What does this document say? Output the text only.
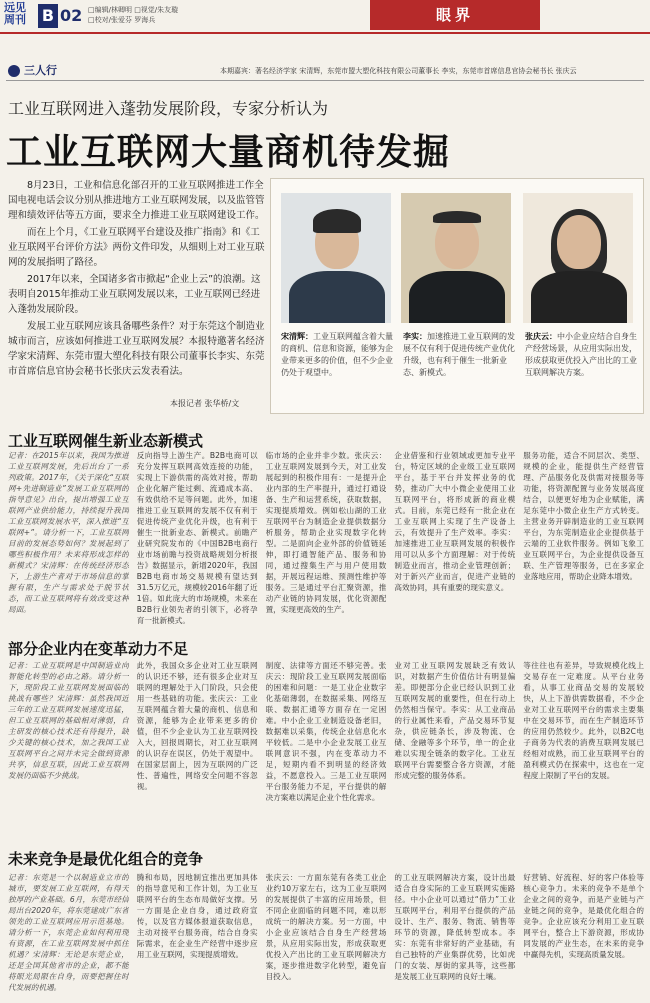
远见周刊 B 02 □编辑/林卿明 □视觉/朱友璇
□校对/张爱芬 罗海兵	眼界
三人行	本期嘉宾：著名经济学家 宋清辉，东莞市盟大塑化科技有限公司董事长 李实，东莞市首席信息官协会秘书长 张庆云
工业互联网进入蓬勃发展阶段，专家分析认为
工业互联网大量商机待发掘

8月23日，工业和信息化部召开的工业互联网推进工作全国电视电话会议分别从推进地方工业互联网发展，以及监管管理和绩效评估等五方面，要求全力推进工业互联网建设工作。

而在上个月，《工业互联网平台建设及推广指南》和《工业互联网平台评价方法》两份文件印发，从细则上对工业互联网的发展指明了路径。

2017年以来，全国诸多省市掀起“企业上云”的浪潮。这表明自2015年推动工业互联网发展以来，工业互联网已经进入蓬勃发展阶段。

发展工业互联网应该具备哪些条件？对于东莞这个制造业城市而言，应该如何推进工业互联网发展？本报特邀著名经济学家宋清辉、东莞市盟大塑化科技有限公司董事长李实、东莞市首席信息官协会秘书长张庆云发表看法。

本报记者 张华桥/文
宋清辉：工业互联网蕴含着大量的商机、信息和资源，能够为企业带来更多的价值，但不少企业仍处于观望中。
李实：加速推进工业互联网的发展不仅有利于促进传统产业优化升级，也有利于催生一批新业态、新模式。
张庆云：中小企业应结合自身生产经营场景，从应用实际出发，形成获取更优投入产出比的工业互联网解决方案。
工业互联网催生新业态新模式
记者：在2015年以来，我国为推进工业互联网发展，先后出台了一系列政策。2017年，《关于深化“互联网+先进制造业”发展工业互联网的指导意见》出台，提出增强工业互联网产业供给能力，持续提升我国工业互联网发展水平，深入推进“互联网+”。请分析一下，工业互联网目前的发展态势如何？发展起到了哪些积极作用？未来将形成怎样的新模式？宋清辉：在传统经济形态下，上游生产者对于市场信息的掌握有限，生产与需求处于脱节状态，而工业互联网将有效改变这种局面。
反向指导上游生产。B2B电商可以充分发挥互联网高效连接的功能，实现上下游供需的高效对接，帮助企业化解产能过剩、流通成本高、有效供给不足等问题。此外，加速推进工业互联网的发展不仅有利于促进传统产业优化升级，也有利于催生一批新业态、新模式。前瞻产业研究院发布的《中国B2B电商行业市场前瞻与投资战略规划分析报告》数据显示，新增2020年，我国B2B电商市场交易规模有望达到31.5万亿元，规模较2016年翻了近1倍。如此庞大的市场规模，未来在B2B行业领先者的引领下，必将孕育一批新模式。
临市场的企业并非少数。张庆云：工业互联网发展到今天，对工业发展起到的积极作用有：一是提升企业内部的生产率提升，通过打通设备、生产和运营系统，获取数据，实现提质增效。例如松山湖的工业互联网平台为制造企业提供数据分析服务，帮助企业实现数字化转型。二是面向企业外部的价值链延伸，即打通智能产品、服务和协同，通过搜集生产与用户使用数据，开展远程运维、预测性维护等服务。三是通过平台汇聚资源，推动产业链的协同发展，优化资源配置，实现更高效的生产。
企业借鉴和行业领域或更加专业平台，特定区域的企业级工业互联网平台，基于平台并发挥业务的优势，推动广大中小微企业使用工业互联网平台，将形成新的商业模式。目前，东莞已经有一批企业在工业互联网上实现了生产设备上云，有效提升了生产效率。李实：加速推进工业互联网发展的积极作用可以从多个方面理解：对于传统制造业而言，推动企业管理创新；对于新兴产业而言，促进产业链的高效协同，具有重要的现实意义。
服务功能，适合不同层次、类型、规模的企业，能提供生产经营管理、产品服务化及供需对接服务等功能，将资源配置与业务发展高度结合，以便更好地为企业赋能，满足东莞中小微企业生产方式转变。主营业务开辟制造业的工业互联网平台，为东莞制造业企业提供基于云端的工业软件服务。例如飞象工业互联网平台，为企业提供设备互联、生产管理等服务，已在多家企业落地应用，帮助企业降本增效。
部分企业内在变革动力不足
记者：工业互联网是中国制造业向智能化转型的必由之路。请分析一下，现阶段工业互联网发展面临的挑战有哪些？宋清辉：虽然我国近三年的工业互联网发展速度迅猛，但工业互联网的基础相对薄弱，自主研发的核心技术还有待提升，缺少关键的核心技术，加之我国工业互联网平台之间并未完全做到资源共享，信息互联，因此工业互联网发展仍面临不少挑战。
此外，我国众多企业对工业互联网的认识还不够，还有很多企业对互联网的理解处于入门阶段，只会使用一些基础的功能。张庆云：工业互联网蕴含着大量的商机、信息和资源，能够为企业带来更多的价值，但不少企业认为工业互联网投入大，回报周期长，对工业互联网的认识存在误区，仍处于观望中。在国家层面上，因为互联网的广泛性、普遍性，网络安全问题不容忽视。
制度、法律等方面还不够完善。张庆云：现阶段工业互联网发展面临的困难和问题：一是工业企业数字化基础薄弱，在数据采集、网络互联、数据汇通等方面存在一定困难。中小企业工业制造设备老旧，数据难以采集，传统企业信息化水平较低。二是中小企业发展工业互联网意识不强，内在变革动力不足，短期内看不到明显的经济效益，不愿意投入。三是工业互联网平台服务能力不足，平台提供的解决方案难以满足企业个性化需求。
业对工业互联网发展缺乏有效认识，对数据产生价值估计有明显偏差。即便部分企业已经认识到工业互联网发展的重要性，但在行动上仍然相当保守。李实：从工业商品的行业属性来看，产品交易环节复杂，供应链条长，涉及物流、仓储、金融等多个环节，单一的企业难以实现全链条的数字化。工业互联网平台需要整合各方资源，才能形成完整的服务体系。
等往往也有差异，导致规模化线上交易存在一定难度。从平台业务看，从事工业商品交易的发展较快，从上下游供需数据看，不少企业对工业互联网平台的需求主要集中在交易环节，而在生产制造环节的应用仍然较少。此外，以B2C电子商务为代表的消费互联网发展已经相对成熟，而工业互联网平台的盈利模式仍在探索中，这也在一定程度上限制了平台的发展。
未来竞争是最优化组合的竞争
记者：东莞是一个以制造业立市的城市，要发展工业互联网，有得天独厚的产业基础。6月，东莞市经信局出台2020年，将东莞建成广东省领先的工业互联网应用示范基地。请分析一下，东莞企业如何利用现有资源，在工业互联网发展中抓住机遇？宋清辉：无论是东莞企业，还是全国其他省市的企业，都不能将眼光局限在自身，而要把握住时代发展的机遇。
腾和布局，因地制宜推出更加具体的指导意见和工作计划，为工业互联网平台的生态布局做好支撑。另一方面是企业自身，通过政府宣传，以及官方媒体报道获取信息，主动对接平台服务商，结合自身实际需求，在企业生产经营中逐步应用工业互联网，实现提质增效。
张庆云：一方面东莞有各类工业企业约10万家左右，这为工业互联网的发展提供了丰富的应用场景，但不同企业面临的问题不同，难以形成统一的解决方案。另一方面，中小企业应该结合自身生产经营场景，从应用实际出发，形成获取更优投入产出比的工业互联网解决方案，逐步推进数字化转型，避免盲目投入。
的工业互联网解决方案，设计出最适合自身实际的工业互联网实施路径。中小企业可以通过“借力”工业互联网平台，利用平台提供的产品设计、生产、服务、物流、销售等环节的资源，降低转型成本。李实：东莞有非常好的产业基础，有自己独特的产业集群优势，比如虎门的女装、厚街的家具等，这些都是发展工业互联网的良好土壤。
好营销、好流程、好的客户体验等核心竞争力。未来的竞争不是单个企业之间的竞争，而是产业链与产业链之间的竞争，是最优化组合的竞争。企业应该充分利用工业互联网平台，整合上下游资源，形成协同发展的产业生态，在未来的竞争中赢得先机，实现高质量发展。
